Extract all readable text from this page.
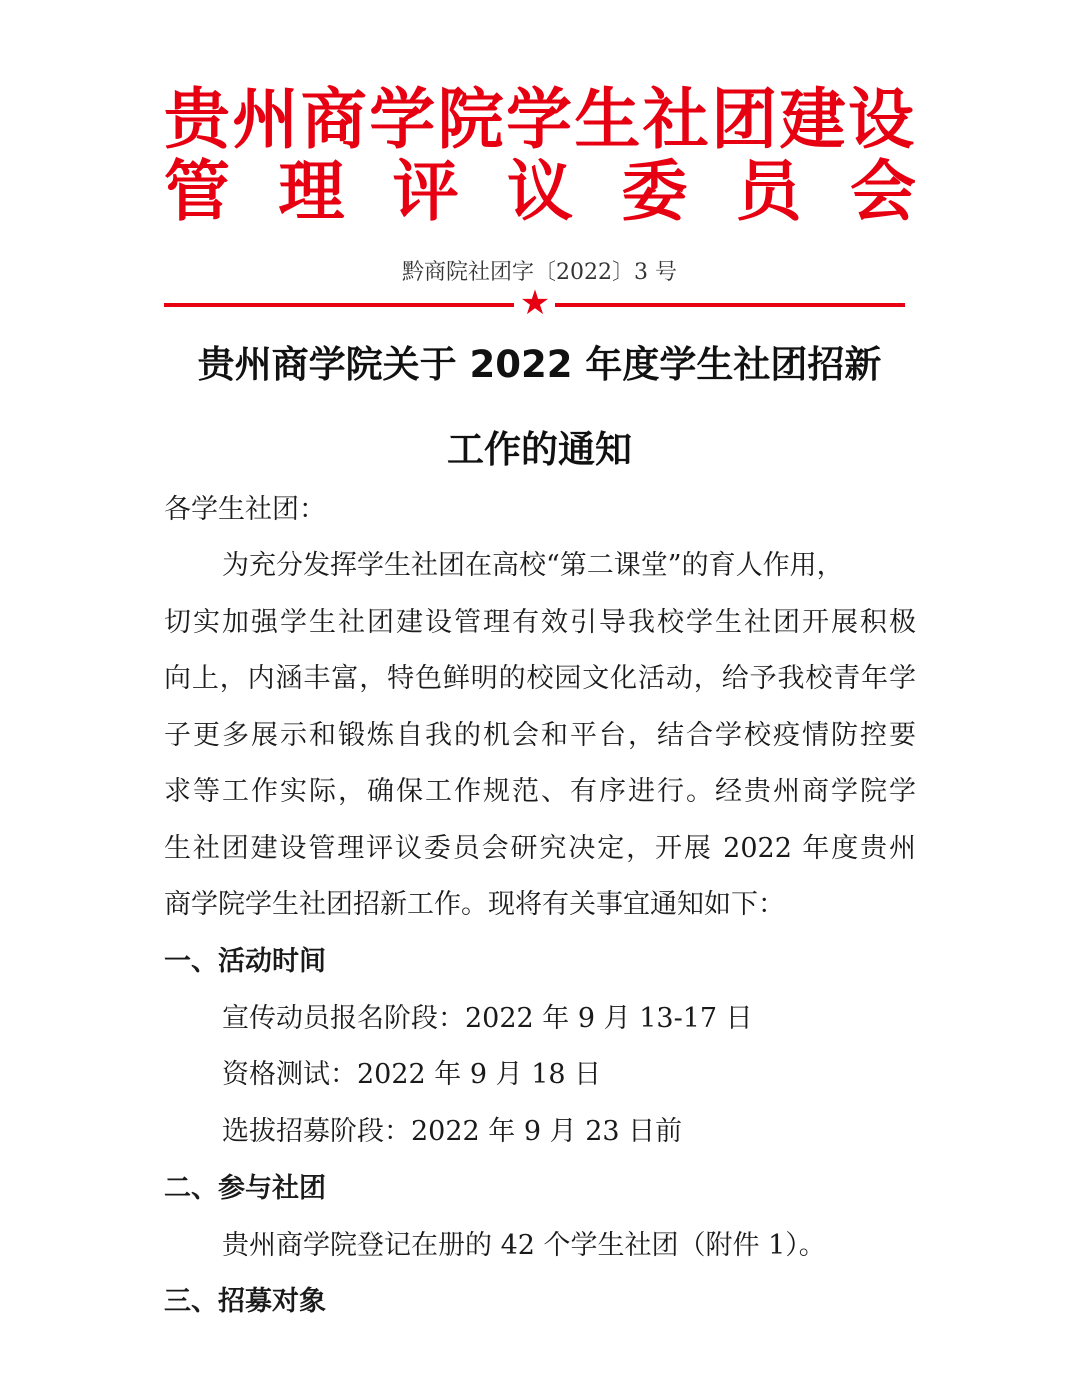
贵州商学院学生社团建设
管 理 评 议 委 员 会
黔商院社团字〔2022〕3 号
★
贵州商学院关于 2022 年度学生社团招新
工作的通知
各学生社团：
为充分发挥学生社团在高校“第二课堂”的育人作用，
切实加强学生社团建设管理有效引导我校学生社团开展积极
向上，内涵丰富，特色鲜明的校园文化活动，给予我校青年学
子更多展示和锻炼自我的机会和平台，结合学校疫情防控要
求等工作实际，确保工作规范、有序进行。经贵州商学院学
生社团建设管理评议委员会研究决定，开展 2022 年度贵州
商学院学生社团招新工作。现将有关事宜通知如下：
一、活动时间
宣传动员报名阶段：2022 年 9 月 13-17 日
资格测试：2022 年 9 月 18 日
选拔招募阶段：2022 年 9 月 23 日前
二、参与社团
贵州商学院登记在册的 42 个学生社团（附件 1）。
三、招募对象
